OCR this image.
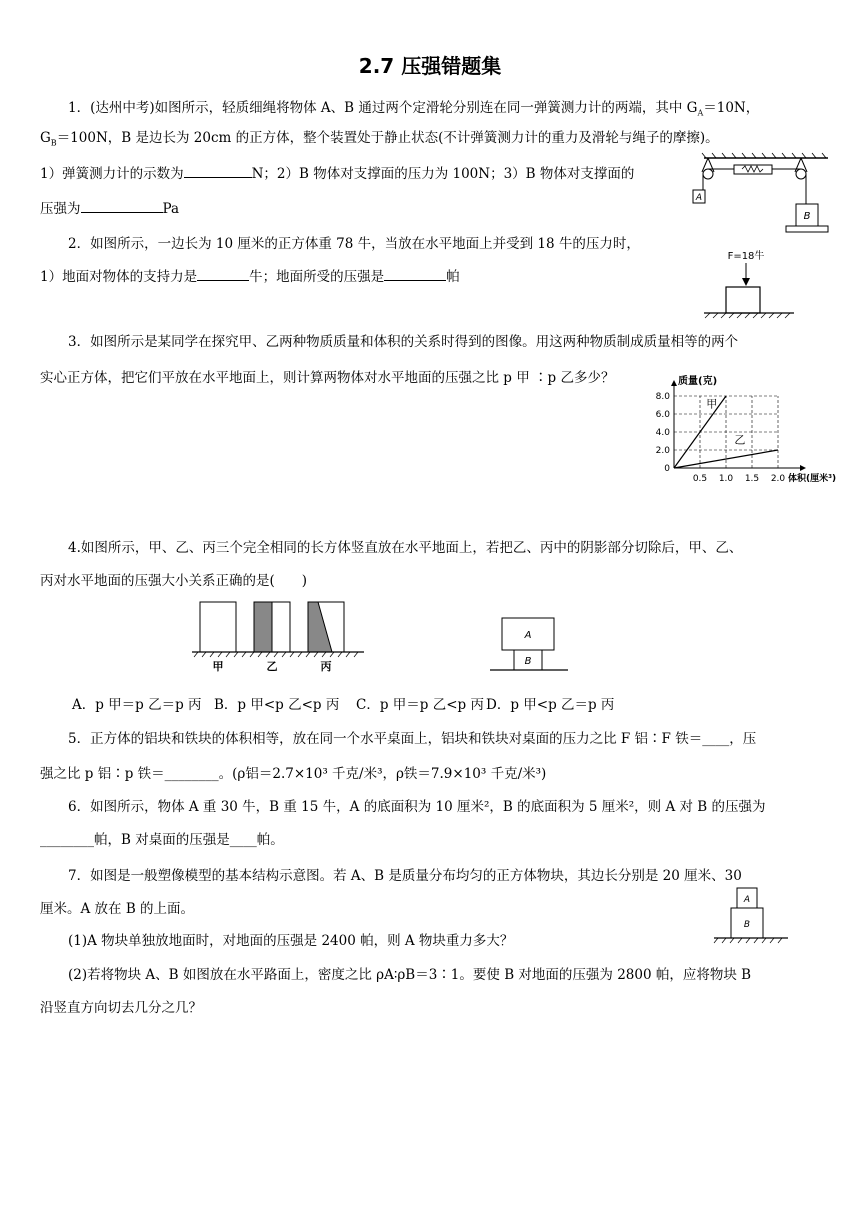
2.7 压强错题集
1．(达州中考)如图所示，轻质细绳将物体 A、B 通过两个定滑轮分别连在同一弹簧测力计的两端，其中 $G_A=10N$，
$G_B=100N$，B 是边长为 20cm 的正方体，整个装置处于静止状态(不计弹簧测力计的重力及滑轮与绳子的摩擦)。
1）弹簧测力计的示数为	N；2）B 物体对支撑面的压力为 100N；3）B 物体对支撑面的
压强为	Pa
A
B
2．如图所示，一边长为 10 厘米的正方体重 78 牛，当放在水平地面上并受到 18 牛的压力时，
1）地面对物体的支持力是	牛；地面所受的压强是	帕
F=18牛
3．如图所示是某同学在探究甲、乙两种物质质量和体积的关系时得到的图像。用这两种物质制成质量相等的两个
实心正方体，把它们平放在水平地面上，则计算两物体对水平地面的压强之比 p 甲 ∶p 乙多少？
0.5 1.0 1.5 2.0
8.0
6.0
4.0
2.0
0
质量(克)
体积(厘米³)
甲
乙
4.如图所示，甲、乙、丙三个完全相同的长方体竖直放在水平地面上，若把乙、丙中的阴影部分切除后，甲、乙、
丙对水平地面的压强大小关系正确的是(　　)
甲	乙	丙
A
B
A．p 甲＝p 乙＝p 丙 B．p 甲<p 乙<p 丙 C．p 甲＝p 乙<p 丙 D．p 甲<p 乙＝p 丙
5．正方体的铝块和铁块的体积相等，放在同一个水平桌面上，铝块和铁块对桌面的压力之比 F 铝∶F 铁＝____，压
强之比 p 铝∶p 铁＝________。(ρ铝＝2.7×10³ 千克/米³，ρ铁＝7.9×10³ 千克/米³)
6．如图所示，物体 A 重 30 牛，B 重 15 牛，A 的底面积为 10 厘米²，B 的底面积为 5 厘米²，则 A 对 B 的压强为
________帕，B 对桌面的压强是____帕。
7．如图是一般塑像模型的基本结构示意图。若 A、B 是质量分布均匀的正方体物块，其边长分别是 20 厘米、30
厘米。A 放在 B 的上面。
(1)A 物块单独放地面时，对地面的压强是 2400 帕，则 A 物块重力多大？
(2)若将物块 A、B 如图放在水平路面上，密度之比 ρA∶ρB＝3∶1。要使 B 对地面的压强为 2800 帕，应将物块 B
沿竖直方向切去几分之几？
A
B
